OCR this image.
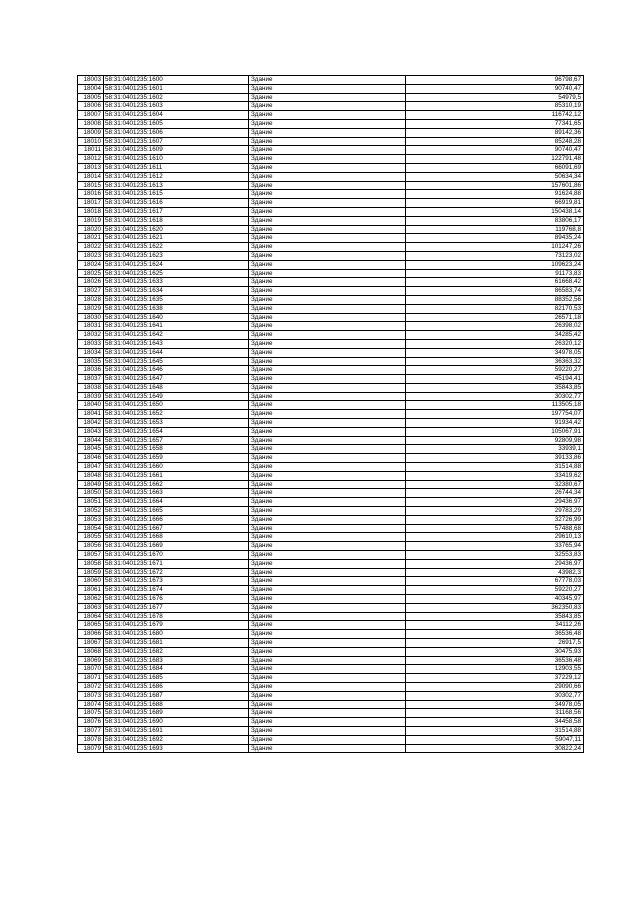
18003	58:31:0401235:1600	Здание	96798,67
18004	58:31:0401235:1601	Здание	90740,47
18005	58:31:0401235:1602	Здание	54979,5
18006	58:31:0401235:1603	Здание	85310,19
18007	58:31:0401235:1604	Здание	116742,12
18008	58:31:0401235:1605	Здание	77341,65
18009	58:31:0401235:1606	Здание	89142,36
18010	58:31:0401235:1607	Здание	85248,28
18011	58:31:0401235:1609	Здание	90740,47
18012	58:31:0401235:1610	Здание	122791,48
18013	58:31:0401235:1611	Здание	66091,69
18014	58:31:0401235:1612	Здание	50634,34
18015	58:31:0401235:1613	Здание	157601,86
18016	58:31:0401235:1615	Здание	91624,88
18017	58:31:0401235:1616	Здание	66919,81
18018	58:31:0401235:1617	Здание	150438,14
18019	58:31:0401235:1618	Здание	83806,17
18020	58:31:0401235:1620	Здание	119768,8
18021	58:31:0401235:1621	Здание	89435,24
18022	58:31:0401235:1622	Здание	101247,26
18023	58:31:0401235:1623	Здание	73123,02
18024	58:31:0401235:1624	Здание	109623,24
18025	58:31:0401235:1625	Здание	91173,83
18026	58:31:0401235:1633	Здание	61668,42
18027	58:31:0401235:1634	Здание	86583,74
18028	58:31:0401235:1635	Здание	88352,56
18029	58:31:0401235:1638	Здание	82170,53
18030	58:31:0401235:1640	Здание	26571,18
18031	58:31:0401235:1641	Здание	26398,02
18032	58:31:0401235:1642	Здание	34285,42
18033	58:31:0401235:1643	Здание	26320,12
18034	58:31:0401235:1644	Здание	34978,05
18035	58:31:0401235:1645	Здание	36363,32
18036	58:31:0401235:1646	Здание	59220,27
18037	58:31:0401235:1647	Здание	45194,41
18038	58:31:0401235:1648	Здание	35843,85
18039	58:31:0401235:1649	Здание	30302,77
18040	58:31:0401235:1650	Здание	113505,18
18041	58:31:0401235:1652	Здание	197754,07
18042	58:31:0401235:1653	Здание	91934,42
18043	58:31:0401235:1654	Здание	105067,91
18044	58:31:0401235:1657	Здание	92809,98
18045	58:31:0401235:1658	Здание	33939,1
18046	58:31:0401235:1659	Здание	39133,86
18047	58:31:0401235:1660	Здание	31514,88
18048	58:31:0401235:1661	Здание	33419,62
18049	58:31:0401235:1662	Здание	32380,67
18050	58:31:0401235:1663	Здание	26744,34
18051	58:31:0401235:1664	Здание	29436,97
18052	58:31:0401235:1665	Здание	29783,29
18053	58:31:0401235:1666	Здание	32726,99
18054	58:31:0401235:1667	Здание	57488,68
18055	58:31:0401235:1668	Здание	29610,13
18056	58:31:0401235:1669	Здание	33765,94
18057	58:31:0401235:1670	Здание	32553,83
18058	58:31:0401235:1671	Здание	29436,97
18059	58:31:0401235:1672	Здание	43982,3
18060	58:31:0401235:1673	Здание	67778,03
18061	58:31:0401235:1674	Здание	59220,27
18062	58:31:0401235:1676	Здание	40345,97
18063	58:31:0401235:1677	Здание	362350,83
18064	58:31:0401235:1678	Здание	35843,85
18065	58:31:0401235:1679	Здание	34112,26
18066	58:31:0401235:1680	Здание	36536,48
18067	58:31:0401235:1681	Здание	26917,5
18068	58:31:0401235:1682	Здание	30475,93
18069	58:31:0401235:1683	Здание	36536,48
18070	58:31:0401235:1684	Здание	12903,55
18071	58:31:0401235:1685	Здание	37229,12
18072	58:31:0401235:1686	Здание	29090,66
18073	58:31:0401235:1687	Здание	30302,77
18074	58:31:0401235:1688	Здание	34978,05
18075	58:31:0401235:1689	Здание	31168,56
18076	58:31:0401235:1690	Здание	34458,58
18077	58:31:0401235:1691	Здание	31514,88
18078	58:31:0401235:1692	Здание	59047,11
18079	58:31:0401235:1693	Здание	30822,24
